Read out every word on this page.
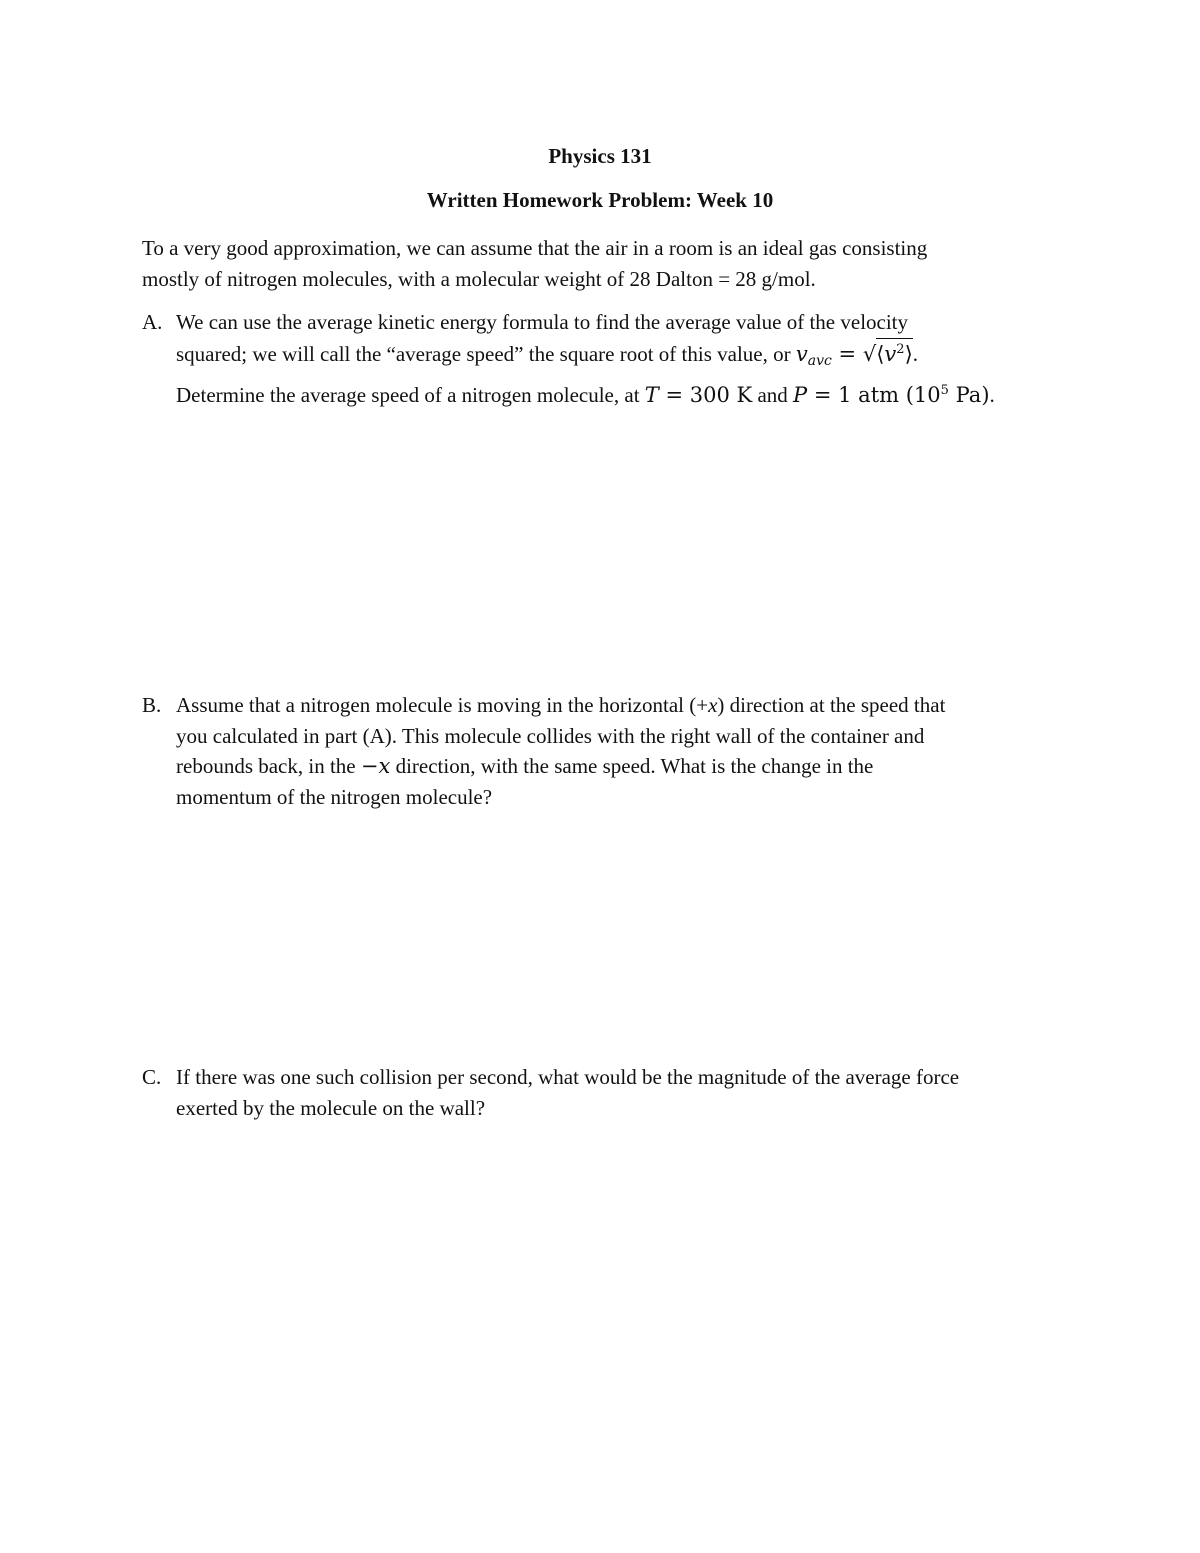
Physics 131
Written Homework Problem: Week 10
To a very good approximation, we can assume that the air in a room is an ideal gas consisting
mostly of nitrogen molecules, with a molecular weight of 28 Dalton = 28 g/mol.
A. We can use the average kinetic energy formula to find the average value of the velocity
squared; we will call the “average speed” the square root of this value, or $v_{avc}$ = $√⟨v^2⟩$.
Determine the average speed of a nitrogen molecule, at T = 300 K and P = 1 atm ($10^5$ Pa).
B. Assume that a nitrogen molecule is moving in the horizontal (+x) direction at the speed that
you calculated in part (A). This molecule collides with the right wall of the container and
rebounds back, in the −x direction, with the same speed. What is the change in the
momentum of the nitrogen molecule?
C. If there was one such collision per second, what would be the magnitude of the average force
exerted by the molecule on the wall?
